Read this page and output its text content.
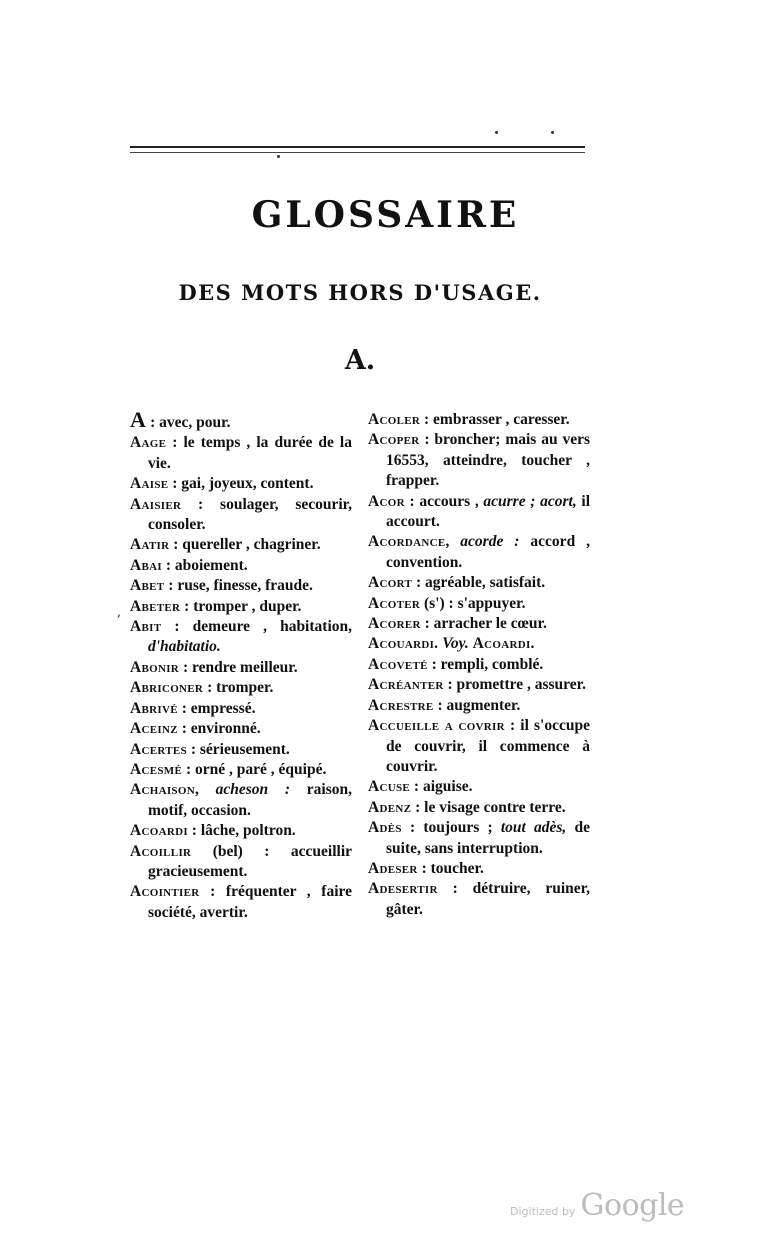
GLOSSAIRE
DES MOTS HORS D'USAGE.
A.
ʼ
A : avec, pour.
Aage : le temps , la durée de la vie.
Aaise : gai, joyeux, content.
Aaisier : soulager, secourir, consoler.
Aatir : quereller , chagriner.
Abai : aboiement.
Abet : ruse, finesse, fraude.
Abeter : tromper , duper.
Abit : demeure , habitation, d'habitatio.
Abonir : rendre meilleur.
Abriconer : tromper.
Abrivé : empressé.
Aceinz : environné.
Acertes : sérieusement.
Acesmé : orné , paré , équipé.
Achaison, acheson : raison, motif, occasion.
Acoardi : lâche, poltron.
Acoillir (bel) : accueillir gracieusement.
Acointier : fréquenter , faire société, avertir.
Acoler : embrasser , caresser.
Acoper : broncher; mais au vers 16553, atteindre, toucher , frapper.
Acor : accours , acurre ; acort, il accourt.
Acordance, acorde : accord , convention.
Acort : agréable, satisfait.
Acoter (s') : s'appuyer.
Acorer : arracher le cœur.
Acouardi. Voy. Acoardi.
Acoveté : rempli, comblé.
Acréanter : promettre , assurer.
Acrestre : augmenter.
Accueille a covrir : il s'occupe de couvrir, il commence à couvrir.
Acuse : aiguise.
Adenz : le visage contre terre.
Adès : toujours ; tout adès, de suite, sans interruption.
Adeser : toucher.
Adesertir : détruire, ruiner, gâter.
Digitized by Google
